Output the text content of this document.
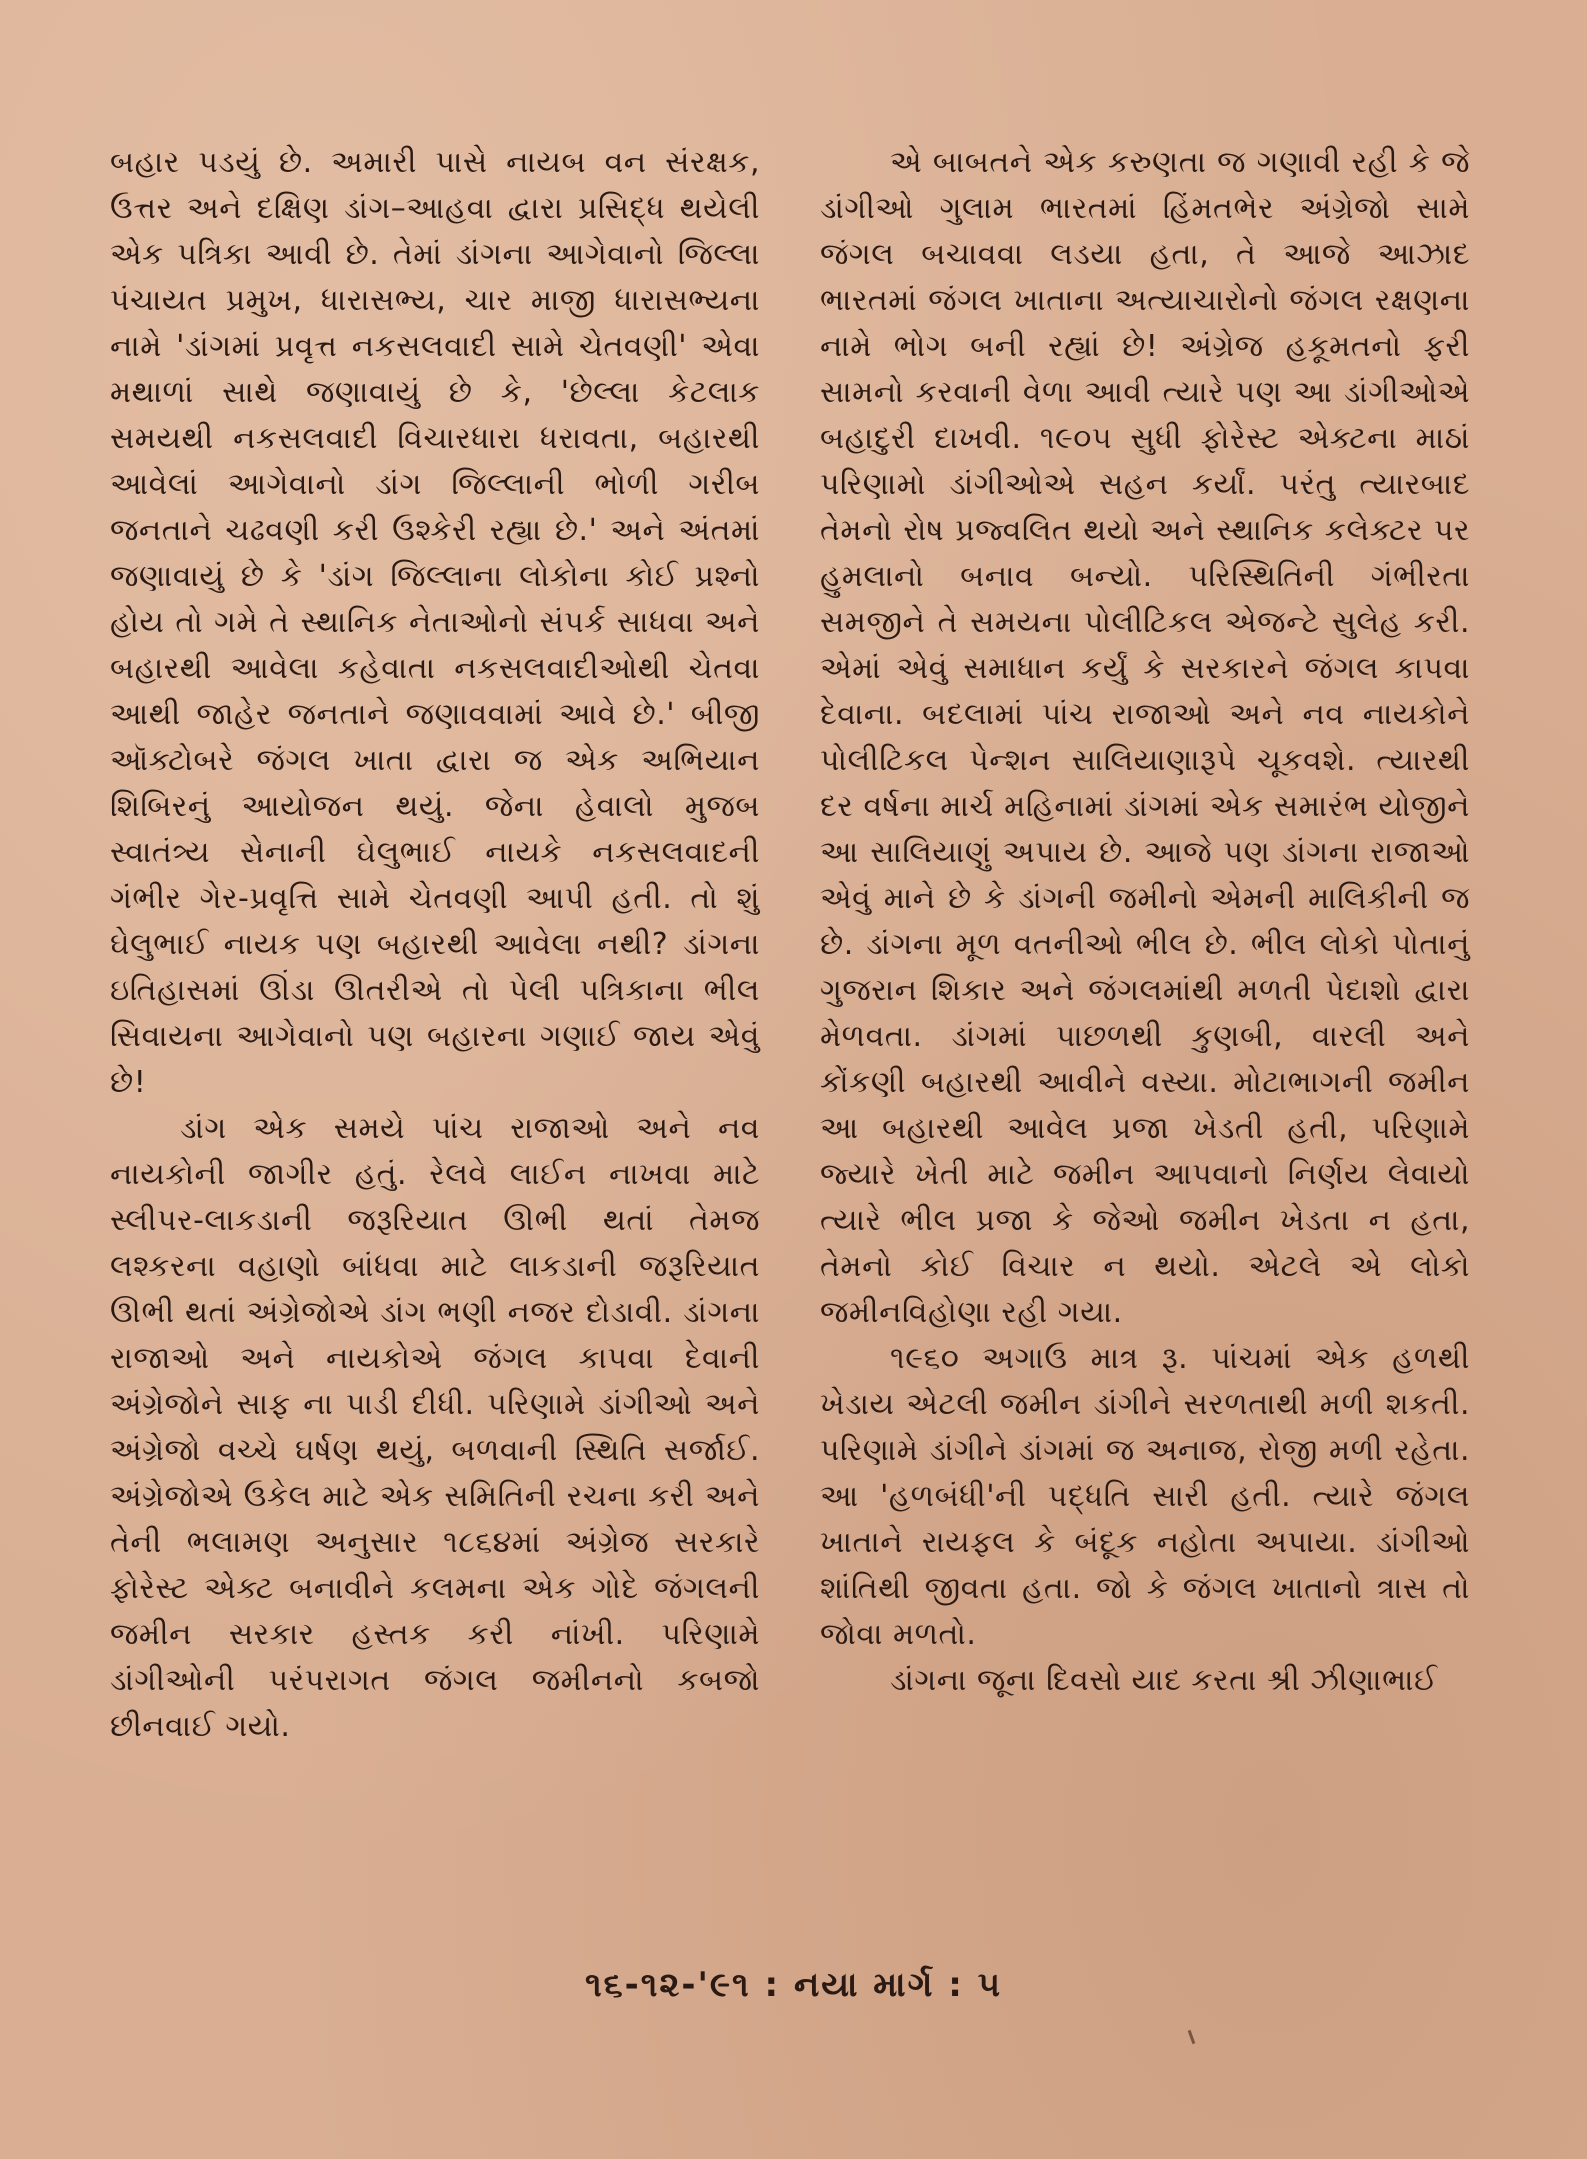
બહાર પડયું છે. અમારી પાસે નાયબ વન સંરક્ષક, ઉત્તર અને દક્ષિણ ડાંગ–આહવા દ્વારા પ્રસિદ્ધ થયેલી એક પત્રિકા આવી છે. તેમાં ડાંગના આગેવાનો જિલ્લા પંચાયત પ્રમુખ, ધારાસભ્ય, ચાર માજી ધારાસભ્યના નામે 'ડાંગમાં પ્રવૃત્ત નકસલવાદી સામે ચેતવણી' એવા મથાળાં સાથે જણાવાયું છે કે, 'છેલ્લા કેટલાક સમયથી નકસલવાદી વિચારધારા ધરાવતા, બહારથી આવેલાં આગેવાનો ડાંગ જિલ્લાની ભોળી ગરીબ જનતાને ચઢવણી કરી ઉશ્કેરી રહ્યા છે.' અને અંતમાં જણાવાયું છે કે 'ડાંગ જિલ્લાના લોકોના કોઈ પ્રશ્નો હોય તો ગમે તે સ્થાનિક નેતાઓનો સંપર્ક સાધવા અને બહારથી આવેલા કહેવાતા નકસલવાદીઓથી ચેતવા આથી જાહેર જનતાને જણાવવામાં આવે છે.' બીજી ઑક્ટોબરે જંગલ ખાતા દ્વારા જ એક અભિયાન શિબિરનું આયોજન થયું. જેના હેવાલો મુજબ સ્વાતંત્ર્ય સેનાની ઘેલુભાઈ નાયકે નકસલવાદની ગંભીર ગેર-પ્રવૃત્તિ સામે ચેતવણી આપી હતી. તો શું ઘેલુભાઈ નાયક પણ બહારથી આવેલા નથી? ડાંગના ઇતિહાસમાં ઊંડા ઊતરીએ તો પેલી પત્રિકાના ભીલ સિવાયના આગેવાનો પણ બહારના ગણાઈ જાય એવું છે!

ડાંગ એક સમયે પાંચ રાજાઓ અને નવ નાયકોની જાગીર હતું. રેલવે લાઈન નાખવા માટે સ્લીપર-લાકડાની જરૂરિયાત ઊભી થતાં તેમજ લશ્કરના વહાણો બાંધવા માટે લાકડાની જરૂરિયાત ઊભી થતાં અંગ્રેજોએ ડાંગ ભણી નજર દોડાવી. ડાંગના રાજાઓ અને નાયકોએ જંગલ કાપવા દેવાની અંગ્રેજોને સાફ ના પાડી દીધી. પરિણામે ડાંગીઓ અને અંગ્રેજો વચ્ચે ઘર્ષણ થયું, બળવાની સ્થિતિ સર્જાઈ. અંગ્રેજોએ ઉકેલ માટે એક સમિતિની રચના કરી અને તેની ભલામણ અનુસાર ૧૮૬૪માં અંગ્રેજ સરકારે ફોરેસ્ટ એક્ટ બનાવીને કલમના એક ગોદે જંગલની જમીન સરકાર હસ્તક કરી નાંખી. પરિણામે ડાંગીઓની પરંપરાગત જંગલ જમીનનો કબજો છીનવાઈ ગયો.

એ બાબતને એક કરુણતા જ ગણાવી રહી કે જે ડાંગીઓ ગુલામ ભારતમાં હિંમતભેર અંગ્રેજો સામે જંગલ બચાવવા લડયા હતા, તે આજે આઝાદ ભારતમાં જંગલ ખાતાના અત્યાચારોનો જંગલ રક્ષણના નામે ભોગ બની રહ્યાં છે! અંગ્રેજ હકૂમતનો ફરી સામનો કરવાની વેળા આવી ત્યારે પણ આ ડાંગીઓએ બહાદુરી દાખવી. ૧૯૦૫ સુધી ફોરેસ્ટ એક્ટના માઠાં પરિણામો ડાંગીઓએ સહન કર્યાં. પરંતુ ત્યારબાદ તેમનો રોષ પ્રજ્વલિત થયો અને સ્થાનિક કલેક્ટર પર હુમલાનો બનાવ બન્યો. પરિસ્થિતિની ગંભીરતા સમજીને તે સમયના પોલીટિકલ એજન્ટે સુલેહ કરી. એમાં એવું સમાધાન કર્યું કે સરકારને જંગલ કાપવા દેવાના. બદલામાં પાંચ રાજાઓ અને નવ નાયકોને પોલીટિકલ પેન્શન સાલિયાણારૂપે ચૂકવશે. ત્યારથી દર વર્ષના માર્ચ મહિનામાં ડાંગમાં એક સમારંભ યોજીને આ સાલિયાણું અપાય છે. આજે પણ ડાંગના રાજાઓ એવું માને છે કે ડાંગની જમીનો એમની માલિકીની જ છે. ડાંગના મૂળ વતનીઓ ભીલ છે. ભીલ લોકો પોતાનું ગુજરાન શિકાર અને જંગલમાંથી મળતી પેદાશો દ્વારા મેળવતા. ડાંગમાં પાછળથી કુણબી, વારલી અને કોંકણી બહારથી આવીને વસ્યા. મોટાભાગની જમીન આ બહારથી આવેલ પ્રજા ખેડતી હતી, પરિણામે જ્યારે ખેતી માટે જમીન આપવાનો નિર્ણય લેવાયો ત્યારે ભીલ પ્રજા કે જેઓ જમીન ખેડતા ન હતા, તેમનો કોઈ વિચાર ન થયો. એટલે એ લોકો જમીનવિહોણા રહી ગયા.

૧૯૬૦ અગાઉ માત્ર રૂ. પાંચમાં એક હળથી ખેડાય એટલી જમીન ડાંગીને સરળતાથી મળી શકતી. પરિણામે ડાંગીને ડાંગમાં જ અનાજ, રોજી મળી રહેતા. આ 'હળબંધી'ની પદ્ધતિ સારી હતી. ત્યારે જંગલ ખાતાને રાયફલ કે બંદૂક નહોતા અપાયા. ડાંગીઓ શાંતિથી જીવતા હતા. જો કે જંગલ ખાતાનો ત્રાસ તો જોવા મળતો.

ડાંગના જૂના દિવસો યાદ કરતા શ્રી ઝીણાભાઈ

૧૬-૧૨-'૯૧ : નયા માર્ગ : ૫
